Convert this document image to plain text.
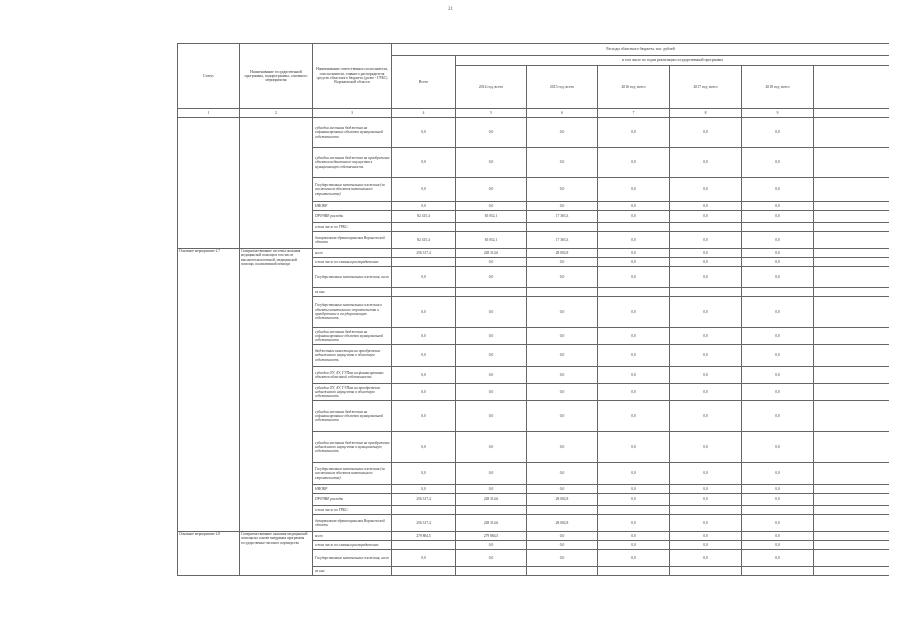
21
Статус	Наименование государственной программы, подпрограммы, основного мероприятия	Наименование ответственного исполнителя, соисполнителя, главного распорядителя средств областного бюджета (далее - ГРБС) Воронежской области	Расходы областного бюджета, тыс. рублей						
			Всего	в том числе по годам реализации государственной программы					
				2014 год, всего	2015 год, всего	2016 год, всего	2017 год, всего	2018 год, всего	
1	2	3	4	5	6	7	8	9	
		субсидии местным бюджетам на софинансирование объектов муниципальной собственности	0,0	0,0	0,0	0,0	0,0	0,0	
		субсидии местным бюджетам на приобретение объектов недвижимого имущества в муниципальную собственность	0,0	0,0	0,0	0,0	0,0	0,0	
		Государственные капитальные вложения (за исключением объектов капитального строительства)	0,0	0,0	0,0	0,0	0,0	0,0	
		НИОКР	0,0	0,0	0,0	0,0	0,0	0,0	
		ПРОЧИЕ расходы	82 415,4	65 052,1	17 363,3	0,0	0,0	0,0	
		в том числе по ГРБС:							
		департамент здравоохранения Воронежской области	82 415,4	65 052,1	17 363,3	0,0	0,0	0,0	
Основное мероприятие 2.7	Совершенствование системы оказания медицинской помощи в том числе высокотехнологичной, медицинской помощи, паллиативной помощи	всего	256 317,4	228 314,6	28 002,8	0,0	0,0	0,0	
		в том числе по главным распорядителям:		0,0	0,0	0,0	0,0	0,0	
		Государственные капитальные вложения, всего	0,0	0,0	0,0	0,0	0,0	0,0	
		из них:							
		Государственные капитальные вложения в объекты капитального строительства и приобретение в государственную собственность	0,0	0,0	0,0	0,0	0,0	0,0	
		субсидии местным бюджетам на софинансирование объектов муниципальной собственности	0,0	0,0	0,0	0,0	0,0	0,0	
		бюджетные инвестиции на приобретение недвижимого имущества в областную собственность	0,0	0,0	0,0	0,0	0,0	0,0	
		субсидии ОУ, АУ, ГУПам на финансирование объектов областной собственности	0,0	0,0	0,0	0,0	0,0	0,0	
		субсидии ОУ, АУ, ГУПам на приобретение недвижимого имущества в областную собственность	0,0	0,0	0,0	0,0	0,0	0,0	
		субсидии местным бюджетам на софинансирование объектов муниципальной собственности	0,0	0,0	0,0	0,0	0,0	0,0	
		субсидии местным бюджетам на приобретение недвижимого имущества в муниципальную собственность	0,0	0,0	0,0	0,0	0,0	0,0	
		Государственные капитальные вложения (за исключением объектов капитального строительства)	0,0	0,0	0,0	0,0	0,0	0,0	
		НИОКР	0,0	0,0	0,0	0,0	0,0	0,0	
		ПРОЧИЕ расходы	256 317,4	228 314,6	28 002,8	0,0	0,0	0,0	
		в том числе по ГРБС:							
		департамент здравоохранения Воронежской области	256 317,4	228 314,6	28 002,8	0,0	0,0	0,0	
Основное мероприятие 2.8	Совершенствование оказания медицинской помощи на основе внедрения программы государственно-частного партнерства	всего	279 884,5	279 884,5	0,0	0,0	0,0	0,0	
		в том числе по главным распорядителям:		0,0	0,0	0,0	0,0	0,0	
		Государственные капитальные вложения, всего	0,0	0,0	0,0	0,0	0,0	0,0	
		из них:							
